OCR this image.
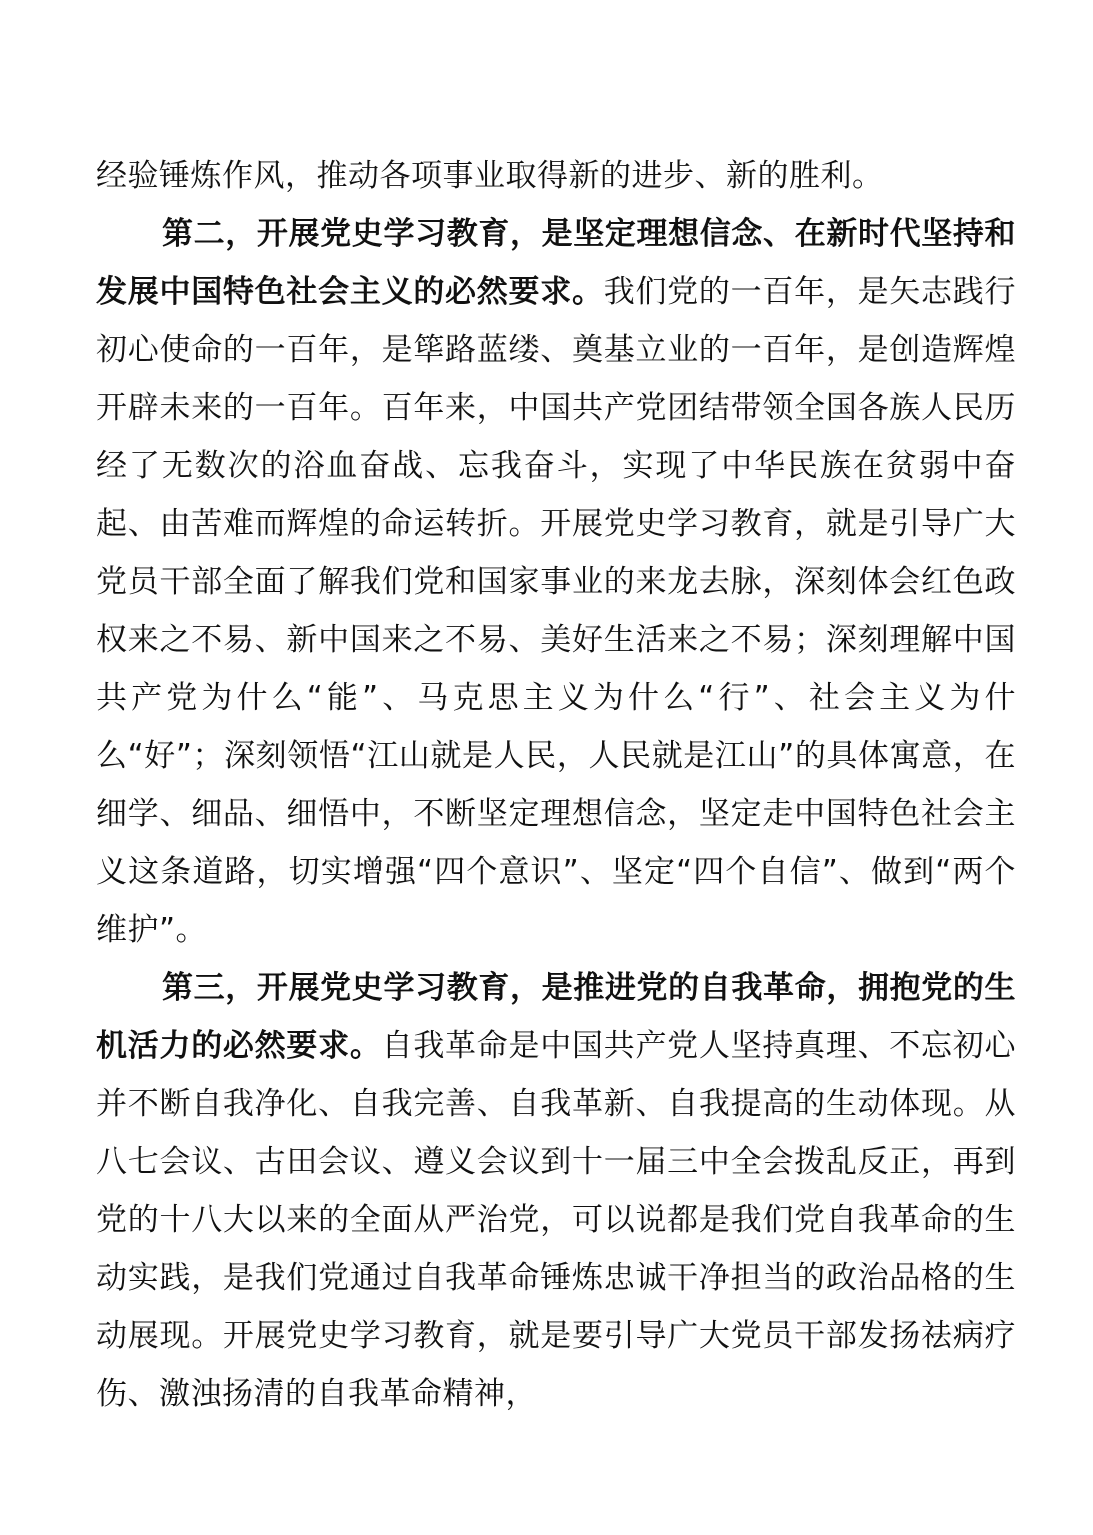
经验锤炼作风，推动各项事业取得新的进步、新的胜利。

第二，开展党史学习教育，是坚定理想信念、在新时代坚持和发展中国特色社会主义的必然要求。我们党的一百年，是矢志践行初心使命的一百年，是筚路蓝缕、奠基立业的一百年，是创造辉煌开辟未来的一百年。百年来，中国共产党团结带领全国各族人民历经了无数次的浴血奋战、忘我奋斗，实现了中华民族在贫弱中奋起、由苦难而辉煌的命运转折。开展党史学习教育，就是引导广大党员干部全面了解我们党和国家事业的来龙去脉，深刻体会红色政权来之不易、新中国来之不易、美好生活来之不易；深刻理解中国共产党为什么“能”、马克思主义为什么“行”、社会主义为什么“好”；深刻领悟“江山就是人民，人民就是江山”的具体寓意，在细学、细品、细悟中，不断坚定理想信念，坚定走中国特色社会主义这条道路，切实增强“四个意识”、坚定“四个自信”、做到“两个维护”。

第三，开展党史学习教育，是推进党的自我革命，拥抱党的生机活力的必然要求。自我革命是中国共产党人坚持真理、不忘初心并不断自我净化、自我完善、自我革新、自我提高的生动体现。从八七会议、古田会议、遵义会议到十一届三中全会拨乱反正，再到党的十八大以来的全面从严治党，可以说都是我们党自我革命的生动实践，是我们党通过自我革命锤炼忠诚干净担当的政治品格的生动展现。开展党史学习教育，就是要引导广大党员干部发扬祛病疗伤、激浊扬清的自我革命精神，
